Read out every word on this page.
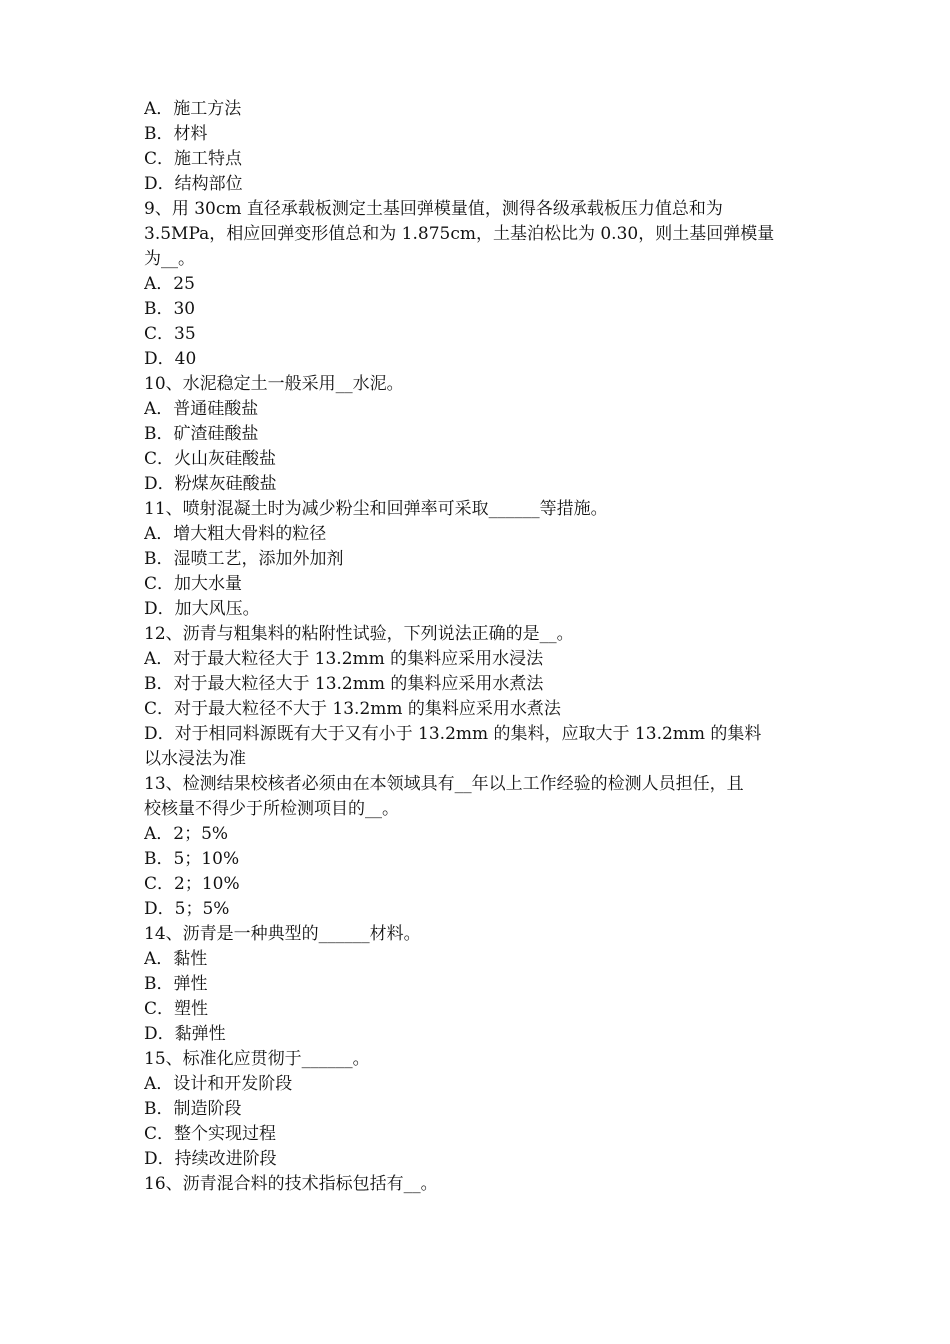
A．施工方法

B．材料

C．施工特点

D．结构部位

9、用 30cm 直径承载板测定土基回弹模量值，测得各级承载板压力值总和为

3.5MPa，相应回弹变形值总和为 1.875cm，土基泊松比为 0.30，则土基回弹模量

为__。

A．25

B．30

C．35

D．40

10、水泥稳定土一般采用__水泥。

A．普通硅酸盐

B．矿渣硅酸盐

C．火山灰硅酸盐

D．粉煤灰硅酸盐

11、喷射混凝土时为减少粉尘和回弹率可采取______等措施。

A．增大粗大骨料的粒径

B．湿喷工艺，添加外加剂

C．加大水量

D．加大风压。

12、沥青与粗集料的粘附性试验，下列说法正确的是__。

A．对于最大粒径大于 13.2mm 的集料应采用水浸法

B．对于最大粒径大于 13.2mm 的集料应采用水煮法

C．对于最大粒径不大于 13.2mm 的集料应采用水煮法

D．对于相同料源既有大于又有小于 13.2mm 的集料，应取大于 13.2mm 的集料

以水浸法为准

13、检测结果校核者必须由在本领域具有__年以上工作经验的检测人员担任，且

校核量不得少于所检测项目的__。

A．2；5%

B．5；10%

C．2；10%

D．5；5%

14、沥青是一种典型的______材料。

A．黏性

B．弹性

C．塑性

D．黏弹性

15、标准化应贯彻于______。

A．设计和开发阶段

B．制造阶段

C．整个实现过程

D．持续改进阶段

16、沥青混合料的技术指标包括有__。
